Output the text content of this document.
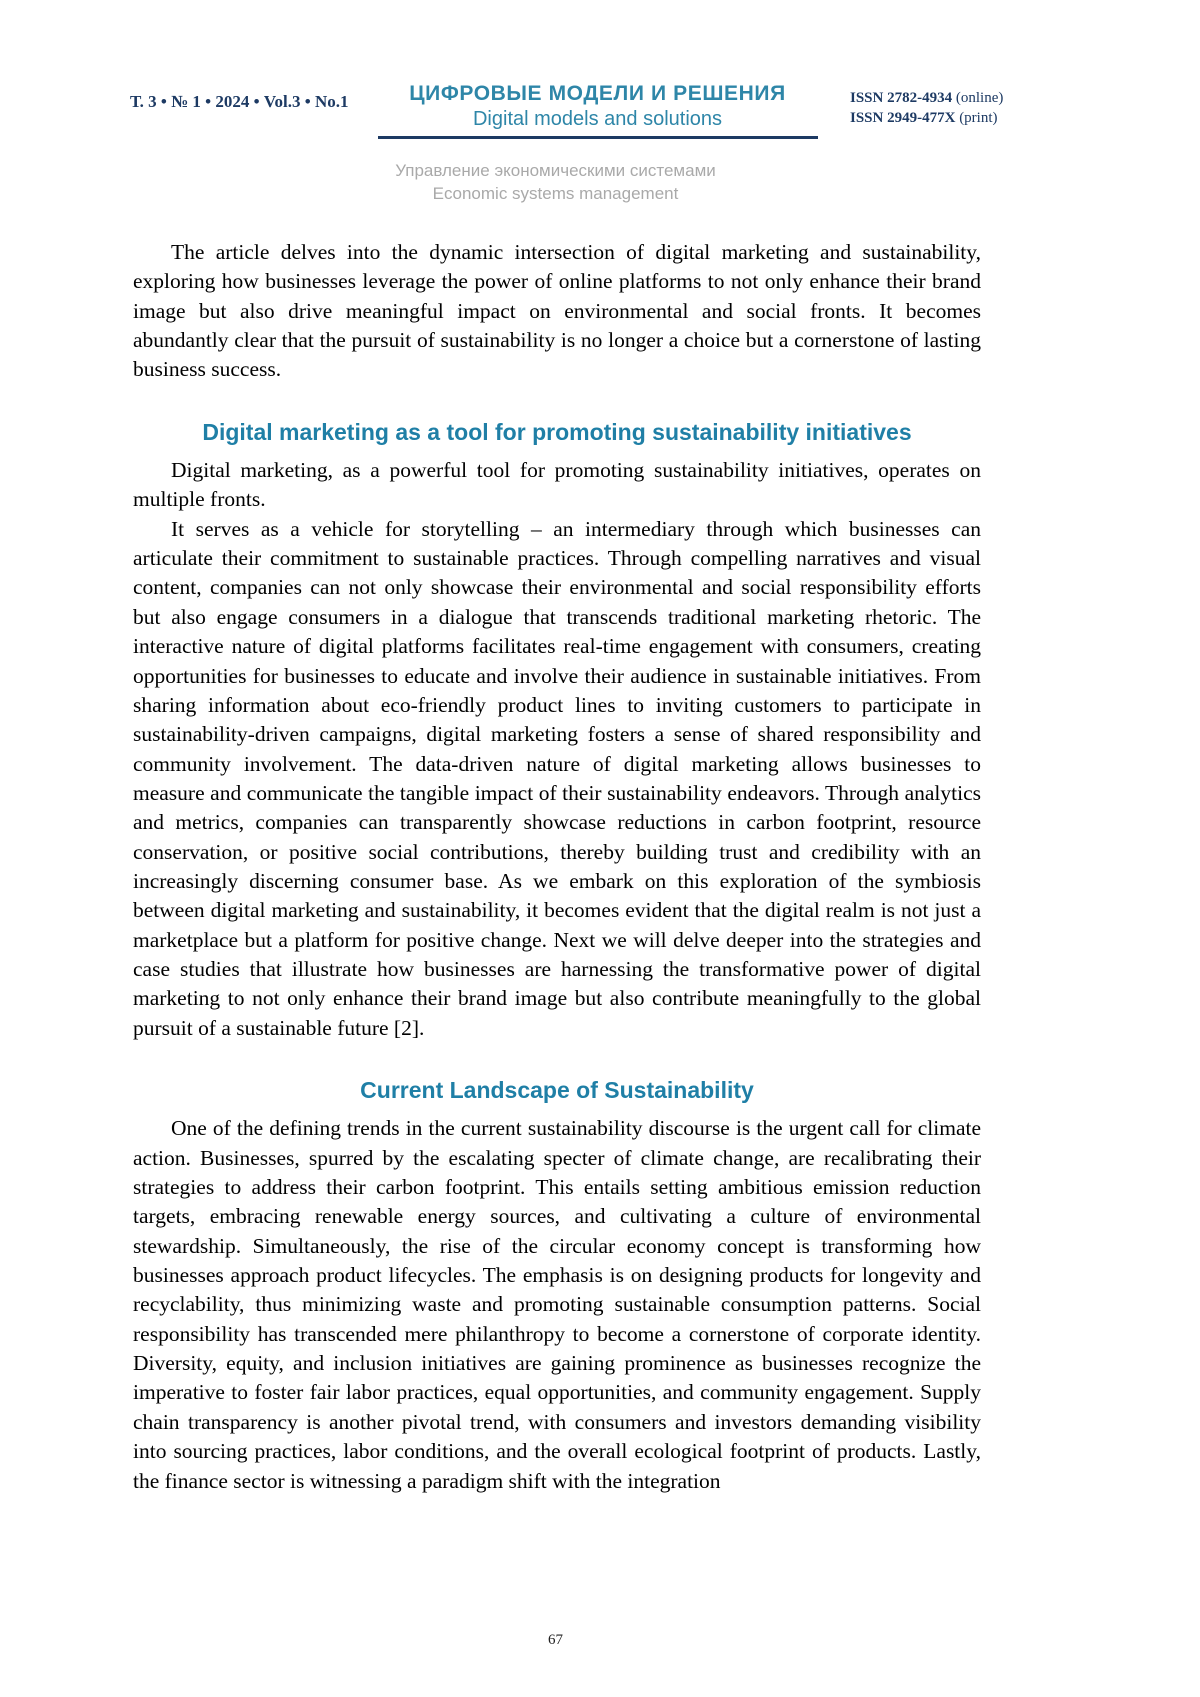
Т. 3 • № 1 • 2024 • Vol.3 • No.1	ЦИФРОВЫЕ МОДЕЛИ И РЕШЕНИЯ
Digital models and solutions
ISSN 2782-4934 (online)
ISSN 2949-477X (print)
Управление экономическими системами
Economic systems management

The article delves into the dynamic intersection of digital marketing and sustainability, exploring how businesses leverage the power of online platforms to not only enhance their brand image but also drive meaningful impact on environmental and social fronts. It becomes abundantly clear that the pursuit of sustainability is no longer a choice but a cornerstone of lasting business success.

Digital marketing as a tool for promoting sustainability initiatives

Digital marketing, as a powerful tool for promoting sustainability initiatives, operates on multiple fronts.

It serves as a vehicle for storytelling – an intermediary through which businesses can articulate their commitment to sustainable practices. Through compelling narratives and visual content, companies can not only showcase their environmental and social responsibility efforts but also engage consumers in a dialogue that transcends traditional marketing rhetoric. The interactive nature of digital platforms facilitates real-time engagement with consumers, creating opportunities for businesses to educate and involve their audience in sustainable initiatives. From sharing information about eco-friendly product lines to inviting customers to participate in sustainability-driven campaigns, digital marketing fosters a sense of shared responsibility and community involvement. The data-driven nature of digital marketing allows businesses to measure and communicate the tangible impact of their sustainability endeavors. Through analytics and metrics, companies can transparently showcase reductions in carbon footprint, resource conservation, or positive social contributions, thereby building trust and credibility with an increasingly discerning consumer base. As we embark on this exploration of the symbiosis between digital marketing and sustainability, it becomes evident that the digital realm is not just a marketplace but a platform for positive change. Next we will delve deeper into the strategies and case studies that illustrate how businesses are harnessing the transformative power of digital marketing to not only enhance their brand image but also contribute meaningfully to the global pursuit of a sustainable future [2].

Current Landscape of Sustainability

One of the defining trends in the current sustainability discourse is the urgent call for climate action. Businesses, spurred by the escalating specter of climate change, are recalibrating their strategies to address their carbon footprint. This entails setting ambitious emission reduction targets, embracing renewable energy sources, and cultivating a culture of environmental stewardship. Simultaneously, the rise of the circular economy concept is transforming how businesses approach product lifecycles. The emphasis is on designing products for longevity and recyclability, thus minimizing waste and promoting sustainable consumption patterns. Social responsibility has transcended mere philanthropy to become a cornerstone of corporate identity. Diversity, equity, and inclusion initiatives are gaining prominence as businesses recognize the imperative to foster fair labor practices, equal opportunities, and community engagement. Supply chain transparency is another pivotal trend, with consumers and investors demanding visibility into sourcing practices, labor conditions, and the overall ecological footprint of products. Lastly, the finance sector is witnessing a paradigm shift with the integration

67
